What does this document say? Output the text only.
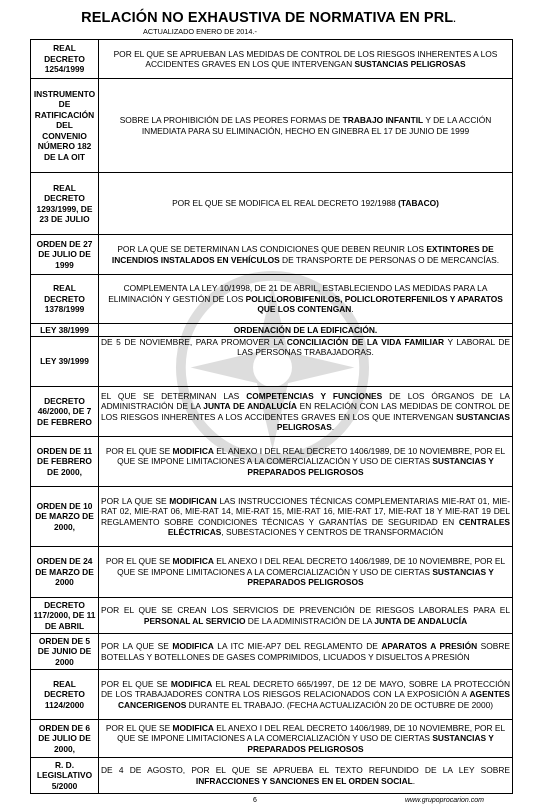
RELACIÓN NO EXHAUSTIVA DE NORMATIVA EN PRL.
ACTUALIZADO ENERO DE 2014.-
REAL DECRETO 1254/1999	POR EL QUE SE APRUEBAN LAS MEDIDAS DE CONTROL DE LOS RIESGOS INHERENTES A LOS ACCIDENTES GRAVES EN LOS QUE INTERVENGAN SUSTANCIAS PELIGROSAS
INSTRUMENTO DE RATIFICACIÓN DEL CONVENIO NÚMERO 182 DE LA OIT	SOBRE LA PROHIBICIÓN DE LAS PEORES FORMAS DE TRABAJO INFANTIL Y DE LA ACCIÓN INMEDIATA PARA SU ELIMINACIÓN, HECHO EN GINEBRA EL 17 DE JUNIO DE 1999
REAL DECRETO 1293/1999, DE 23 DE JULIO	POR EL QUE SE MODIFICA EL REAL DECRETO 192/1988 (TABACO)
ORDEN DE 27 DE JULIO DE 1999	POR LA QUE SE DETERMINAN LAS CONDICIONES QUE DEBEN REUNIR LOS EXTINTORES DE INCENDIOS INSTALADOS EN VEHÍCULOS DE TRANSPORTE DE PERSONAS O DE MERCANCÍAS.
REAL DECRETO 1378/1999	COMPLEMENTA LA LEY 10/1998, DE 21 DE ABRIL, ESTABLECIENDO LAS MEDIDAS PARA LA ELIMINACIÓN Y GESTIÓN DE LOS POLICLOROBIFENILOS, POLICLOROTERFENILOS Y APARATOS QUE LOS CONTENGAN.
LEY 38/1999	ORDENACIÓN DE LA EDIFICACIÓN.
LEY 39/1999	DE 5 DE NOVIEMBRE, PARA PROMOVER LA CONCILIACIÓN DE LA VIDA FAMILIAR Y LABORAL DE LAS PERSONAS TRABAJADORAS.
DECRETO 46/2000, DE 7 DE FEBRERO	EL QUE SE DETERMINAN LAS COMPETENCIAS Y FUNCIONES DE LOS ÓRGANOS DE LA ADMINISTRACIÓN DE LA JUNTA DE ANDALUCÍA EN RELACIÓN CON LAS MEDIDAS DE CONTROL DE LOS RIESGOS INHERENTES A LOS ACCIDENTES GRAVES EN LOS QUE INTERVENGAN SUSTANCIAS PELIGROSAS.
ORDEN DE 11 DE FEBRERO DE 2000,	POR EL QUE SE MODIFICA EL ANEXO I DEL REAL DECRETO 1406/1989, DE 10 NOVIEMBRE, POR EL QUE SE IMPONE LIMITACIONES A LA COMERCIALIZACIÓN Y USO DE CIERTAS SUSTANCIAS Y PREPARADOS PELIGROSOS
ORDEN DE 10 DE MARZO DE 2000,	POR LA QUE SE MODIFICAN LAS INSTRUCCIONES TÉCNICAS COMPLEMENTARIAS MIE-RAT 01, MIE-RAT 02, MIE-RAT 06, MIE-RAT 14, MIE-RAT 15, MIE-RAT 16, MIE-RAT 17, MIE-RAT 18 Y MIE-RAT 19 DEL REGLAMENTO SOBRE CONDICIONES TÉCNICAS Y GARANTÍAS DE SEGURIDAD EN CENTRALES ELÉCTRICAS, SUBESTACIONES Y CENTROS DE TRANSFORMACIÓN
ORDEN DE 24 DE MARZO DE 2000	POR EL QUE SE MODIFICA EL ANEXO I DEL REAL DECRETO 1406/1989, DE 10 NOVIEMBRE, POR EL QUE SE IMPONE LIMITACIONES A LA COMERCIALIZACIÓN Y USO DE CIERTAS SUSTANCIAS Y PREPARADOS PELIGROSOS
DECRETO 117/2000, DE 11 DE ABRIL	POR EL QUE SE CREAN LOS SERVICIOS DE PREVENCIÓN DE RIESGOS LABORALES PARA EL PERSONAL AL SERVICIO DE LA ADMINISTRACIÓN DE LA JUNTA DE ANDALUCÍA
ORDEN DE 5 DE JUNIO DE 2000	POR LA QUE SE MODIFICA LA ITC MIE-AP7 DEL REGLAMENTO DE APARATOS A PRESIÓN SOBRE BOTELLAS Y BOTELLONES DE GASES COMPRIMIDOS, LICUADOS Y DISUELTOS A PRESIÓN
REAL DECRETO 1124/2000	POR EL QUE SE MODIFICA EL REAL DECRETO 665/1997, DE 12 DE MAYO, SOBRE LA PROTECCIÓN DE LOS TRABAJADORES CONTRA LOS RIESGOS RELACIONADOS CON LA EXPOSICIÓN A AGENTES CANCERIGENOS DURANTE EL TRABAJO. (FECHA ACTUALIZACIÓN 20 DE OCTUBRE DE 2000)
ORDEN DE 6 DE JULIO DE 2000,	POR EL QUE SE MODIFICA EL ANEXO I DEL REAL DECRETO 1406/1989, DE 10 NOVIEMBRE, POR EL QUE SE IMPONE LIMITACIONES A LA COMERCIALIZACIÓN Y USO DE CIERTAS SUSTANCIAS Y PREPARADOS PELIGROSOS
R. D. LEGISLATIVO 5/2000	DE 4 DE AGOSTO, POR EL QUE SE APRUEBA EL TEXTO REFUNDIDO DE LA LEY SOBRE INFRACCIONES Y SANCIONES EN EL ORDEN SOCIAL.
6	www.grupoprocarion.com
